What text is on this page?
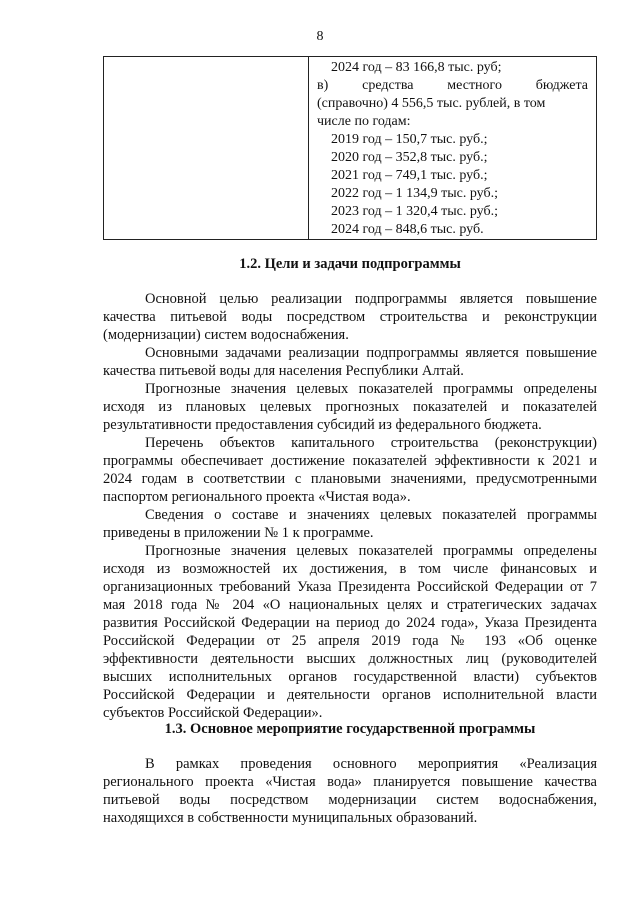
8

2024 год – 83 166,8 тыс. руб;
в) средства местного бюджета
(справочно) 4 556,5 тыс. рублей, в том
числе по годам:
2019 год – 150,7 тыс. руб.;
2020 год – 352,8 тыс. руб.;
2021 год – 749,1 тыс. руб.;
2022 год – 1 134,9 тыс. руб.;
2023 год – 1 320,4 тыс. руб.;
2024 год – 848,6 тыс. руб.
1.2. Цели и задачи подпрограммы

Основной целью реализации подпрограммы является повышение качества питьевой воды посредством строительства и реконструкции (модернизации) систем водоснабжения.

Основными задачами реализации подпрограммы является повышение качества питьевой воды для населения Республики Алтай.

Прогнозные значения целевых показателей программы определены исходя из плановых целевых прогнозных показателей и показателей результативности предоставления субсидий из федерального бюджета.

Перечень объектов капитального строительства (реконструкции) программы обеспечивает достижение показателей эффективности к 2021 и 2024 годам в соответствии с плановыми значениями, предусмотренными паспортом регионального проекта «Чистая вода».

Сведения о составе и значениях целевых показателей программы приведены в приложении № 1 к программе.

Прогнозные значения целевых показателей программы определены исходя из возможностей их достижения, в том числе финансовых и организационных требований Указа Президента Российской Федерации от 7 мая 2018 года № 204 «О национальных целях и стратегических задачах развития Российской Федерации на период до 2024 года», Указа Президента Российской Федерации от 25 апреля 2019 года № 193 «Об оценке эффективности деятельности высших должностных лиц (руководителей высших исполнительных органов государственной власти) субъектов Российской Федерации и деятельности органов исполнительной власти субъектов Российской Федерации».

1.3. Основное мероприятие государственной программы

В рамках проведения основного мероприятия «Реализация регионального проекта «Чистая вода» планируется повышение качества питьевой воды посредством модернизации систем водоснабжения, находящихся в собственности муниципальных образований.
